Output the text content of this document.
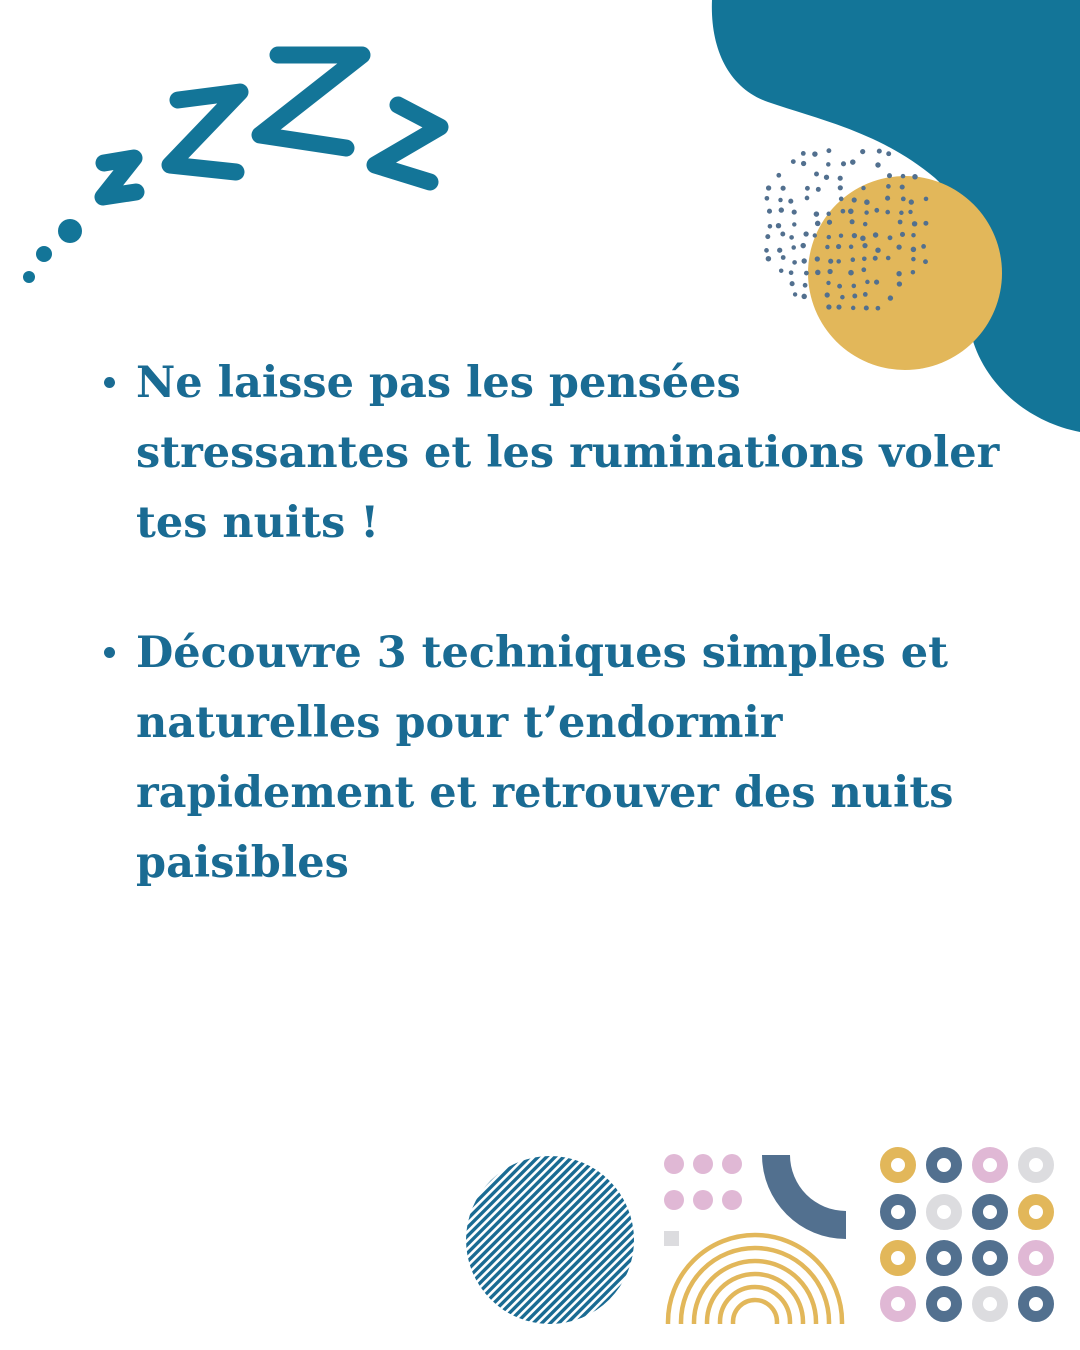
Ne laisse pas les pensées stressantes et les ruminations voler tes nuits !
Découvre 3 techniques simples et naturelles pour t’endormir rapidement et retrouver des nuits paisibles
